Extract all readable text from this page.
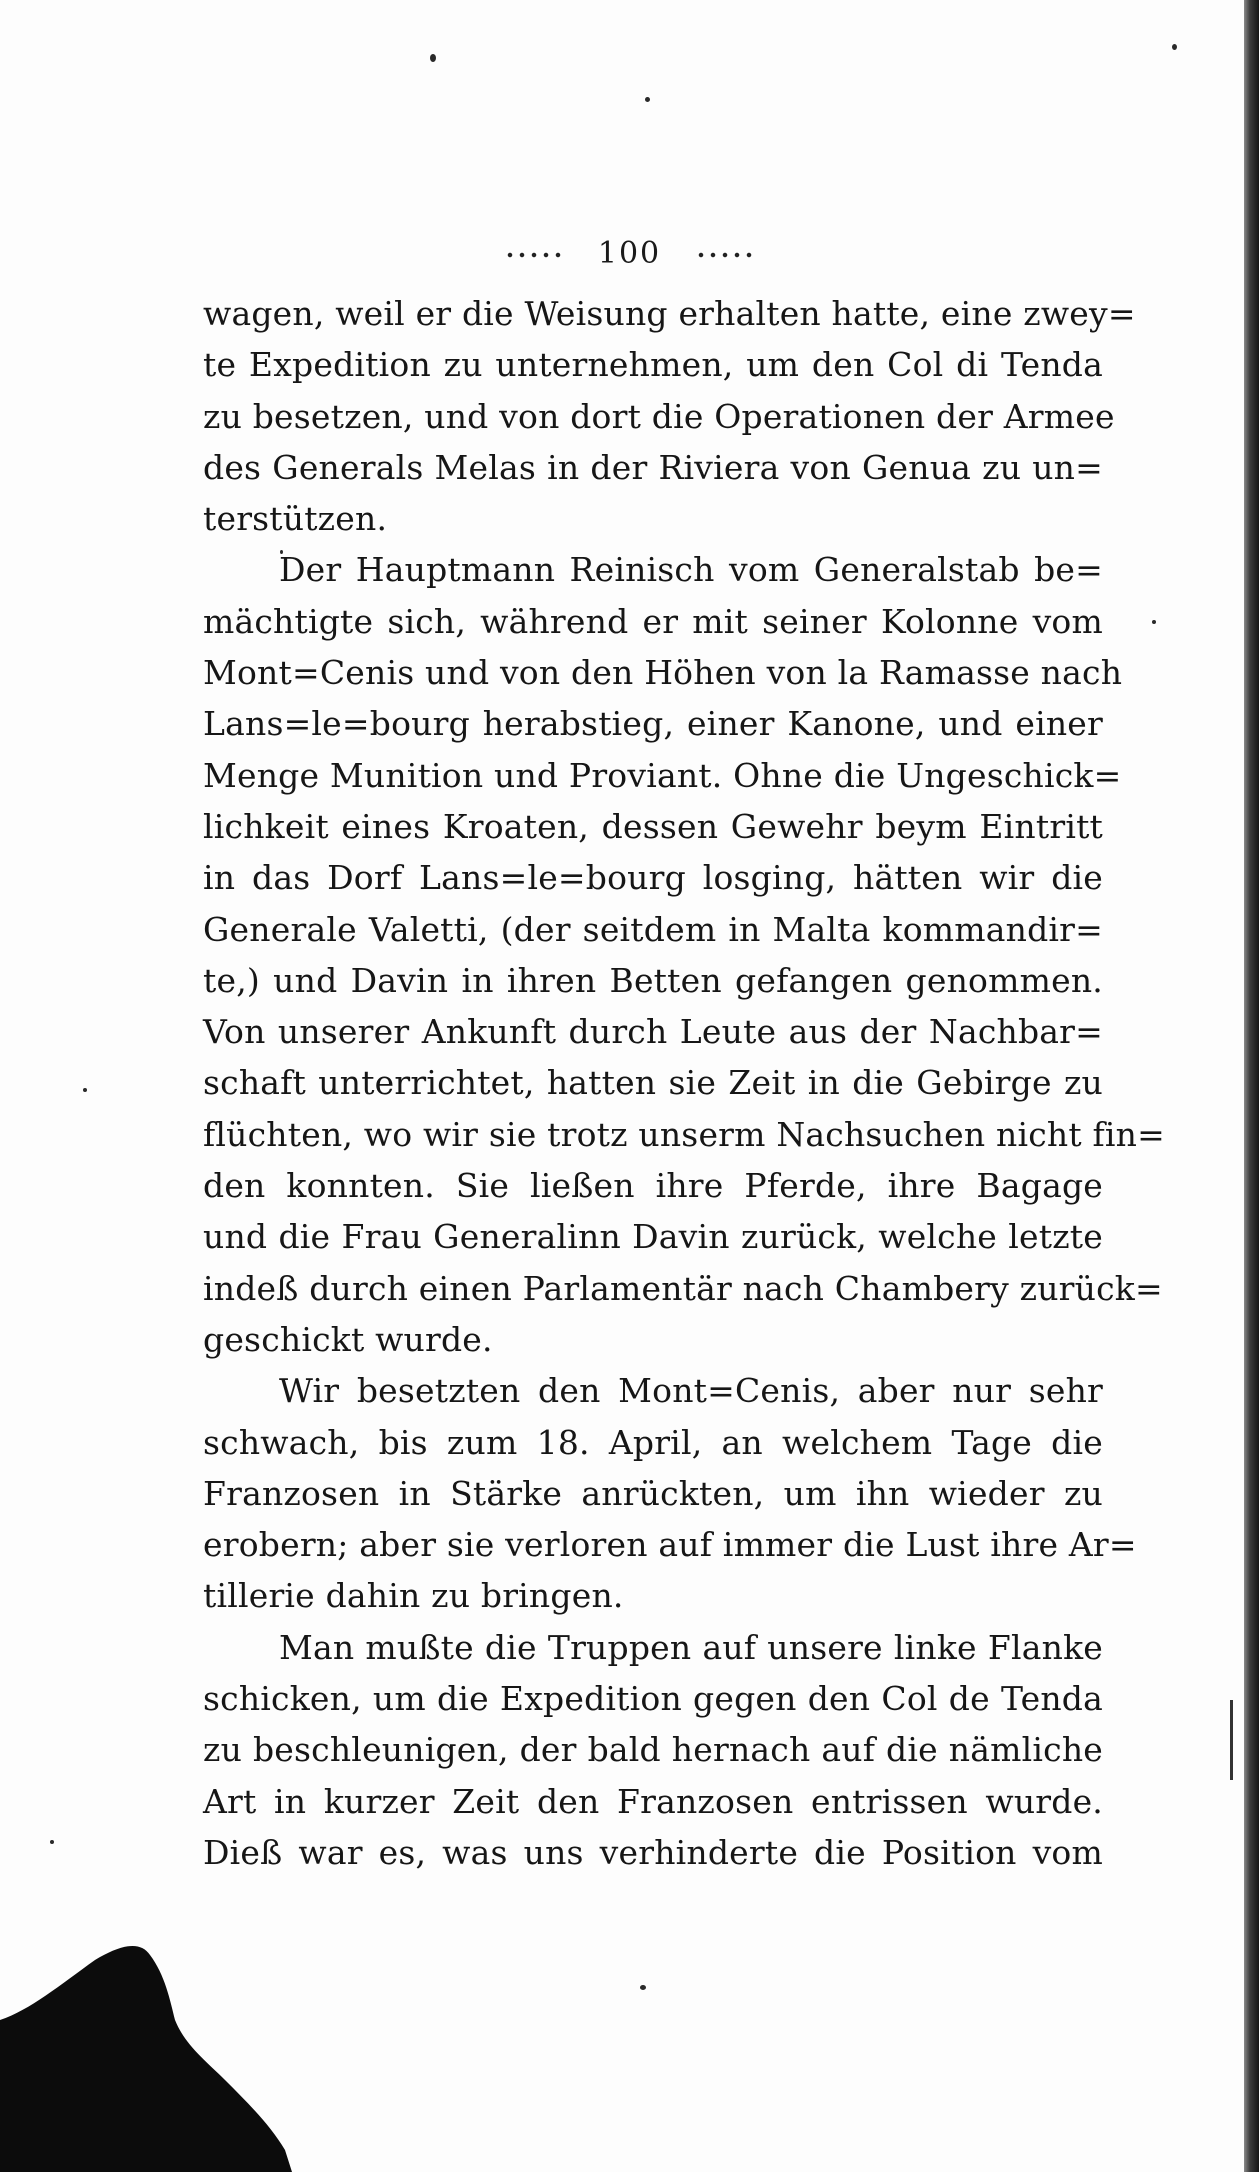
100
wagen, weil er die Weisung erhalten hatte, eine zwey=
te Expedition zu unternehmen, um den Col di Tenda
zu besetzen, und von dort die Operationen der Armee
des Generals Melas in der Riviera von Genua zu un=
terstützen.
Der Hauptmann Reinisch vom Generalstab be=
mächtigte sich, während er mit seiner Kolonne vom
Mont=Cenis und von den Höhen von la Ramasse nach
Lans=le=bourg herabstieg, einer Kanone, und einer
Menge Munition und Proviant. Ohne die Ungeschick=
lichkeit eines Kroaten, dessen Gewehr beym Eintritt
in das Dorf Lans=le=bourg losging, hätten wir die
Generale Valetti, (der seitdem in Malta kommandir=
te,) und Davin in ihren Betten gefangen genommen.
Von unserer Ankunft durch Leute aus der Nachbar=
schaft unterrichtet, hatten sie Zeit in die Gebirge zu
flüchten, wo wir sie trotz unserm Nachsuchen nicht fin=
den konnten. Sie ließen ihre Pferde, ihre Bagage
und die Frau Generalinn Davin zurück, welche letzte
indeß durch einen Parlamentär nach Chambery zurück=
geschickt wurde.
Wir besetzten den Mont=Cenis, aber nur sehr
schwach, bis zum 18. April, an welchem Tage die
Franzosen in Stärke anrückten, um ihn wieder zu
erobern; aber sie verloren auf immer die Lust ihre Ar=
tillerie dahin zu bringen.
Man mußte die Truppen auf unsere linke Flanke
schicken, um die Expedition gegen den Col de Tenda
zu beschleunigen, der bald hernach auf die nämliche
Art in kurzer Zeit den Franzosen entrissen wurde.
Dieß war es, was uns verhinderte die Position vom
